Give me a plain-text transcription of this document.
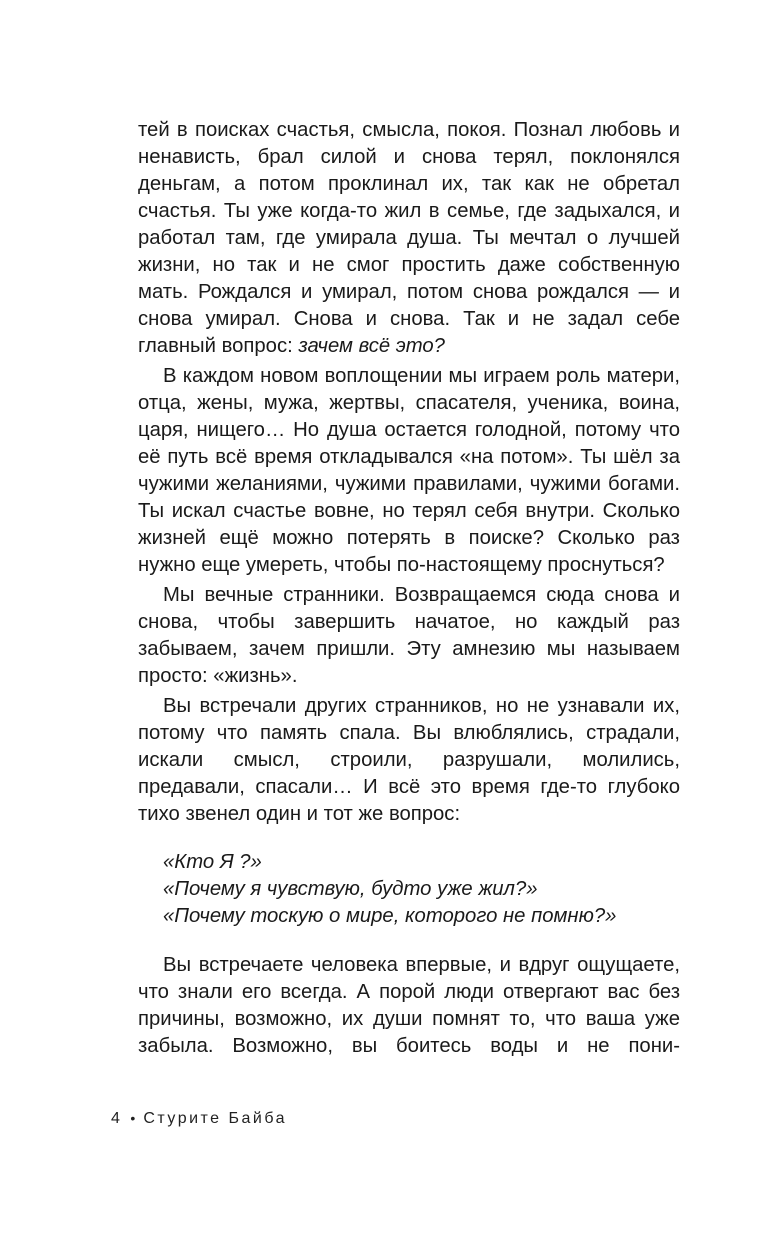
тей в поисках счастья, смысла, покоя. Познал любовь и ненависть, брал силой и снова терял, поклонялся деньгам, а потом проклинал их, так как не обретал счастья. Ты уже когда-то жил в семье, где задыхался, и работал там, где умирала душа. Ты мечтал о лучшей жизни, но так и не смог простить даже собственную мать. Рождался и умирал, потом снова рождался — и снова умирал. Снова и снова. Так и не задал себе главный вопрос: зачем всё это?

В каждом новом воплощении мы играем роль матери, отца, жены, мужа, жертвы, спасателя, ученика, воина, царя, нищего… Но душа остается голодной, потому что её путь всё время откладывался «на потом». Ты шёл за чужими желаниями, чужими правилами, чужими богами. Ты искал счастье вовне, но терял себя внутри. Сколько жизней ещё можно потерять в поиске? Сколько раз нужно еще умереть, чтобы по-настоящему проснуться?

Мы вечные странники. Возвращаемся сюда снова и снова, чтобы завершить начатое, но каждый раз забываем, зачем пришли. Эту амнезию мы называем просто: «жизнь».

Вы встречали других странников, но не узнавали их, потому что память спала. Вы влюблялись, страдали, искали смысл, строили, разрушали, молились, предавали, спасали… И всё это время где-то глубоко тихо звенел один и тот же вопрос:

«Кто Я ?»
«Почему я чувствую, будто уже жил?»
«Почему тоскую о мире, которого не помню?»

Вы встречаете человека впервые, и вдруг ощущаете, что знали его всегда. А порой люди отвергают вас без причины, возможно, их души помнят то, что ваша уже забыла. Возможно, вы боитесь воды и не пони-

4 • Стурите Байба
